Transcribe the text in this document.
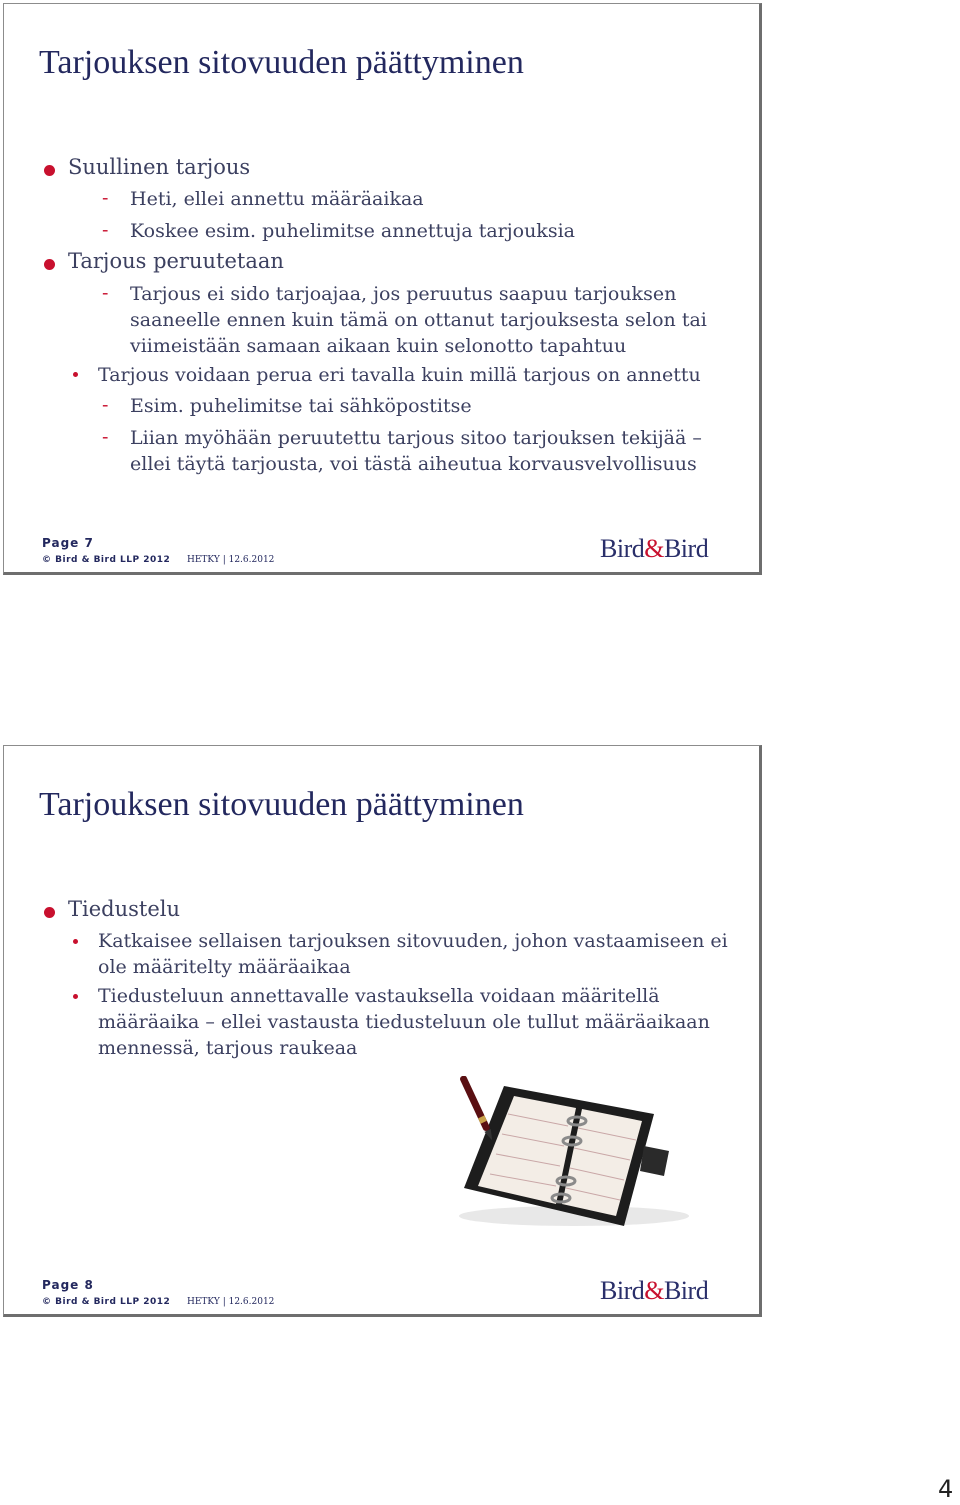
Tarjouksen sitovuuden päättyminen
Suullinen tarjous
- Heti, ellei annettu määräaikaa
- Koskee esim. puhelimitse annettuja tarjouksia
Tarjous peruutetaan
- Tarjous ei sido tarjoajaa, jos peruutus saapuu tarjouksen
saaneelle ennen kuin tämä on ottanut tarjouksesta selon tai
viimeistään samaan aikaan kuin selonotto tapahtuu
Tarjous voidaan perua eri tavalla kuin millä tarjous on annettu
- Esim. puhelimitse tai sähköpostitse
- Liian myöhään peruutettu tarjous sitoo tarjouksen tekijää –
ellei täytä tarjousta, voi tästä aiheutua korvausvelvollisuus
Page 7
© Bird & Bird LLP 2012 HETKY | 12.6.2012	Bird&Bird
Tarjouksen sitovuuden päättyminen
Tiedustelu
Katkaisee sellaisen tarjouksen sitovuuden, johon vastaamiseen ei
ole määritelty määräaikaa
Tiedusteluun annettavalle vastauksella voidaan määritellä
määräaika – ellei vastausta tiedusteluun ole tullut määräaikaan
mennessä, tarjous raukeaa
Page 8
© Bird & Bird LLP 2012 HETKY | 12.6.2012	Bird&Bird
4
